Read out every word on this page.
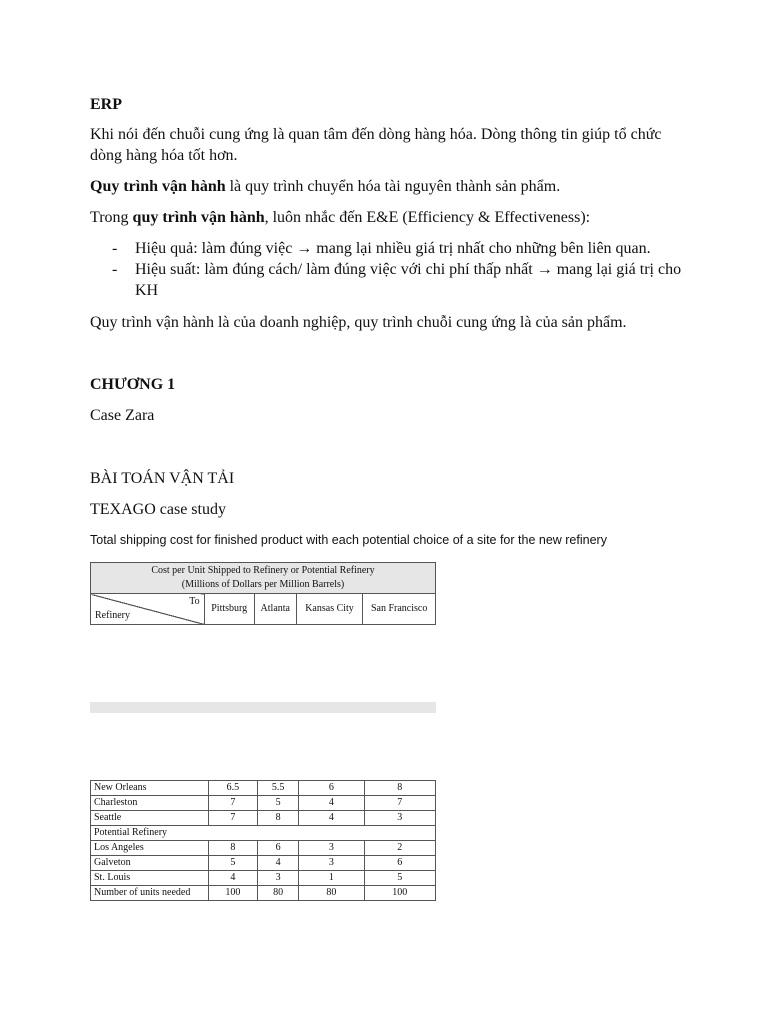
ERP

Khi nói đến chuỗi cung ứng là quan tâm đến dòng hàng hóa. Dòng thông tin giúp tổ chức dòng hàng hóa tốt hơn.

Quy trình vận hành là quy trình chuyển hóa tài nguyên thành sản phẩm.

Trong quy trình vận hành, luôn nhắc đến E&E (Efficiency & Effectiveness):

- Hiệu quả: làm đúng việc → mang lại nhiều giá trị nhất cho những bên liên quan.
- Hiệu suất: làm đúng cách/ làm đúng việc với chi phí thấp nhất → mang lại giá trị cho KH

Quy trình vận hành là của doanh nghiệp, quy trình chuỗi cung ứng là của sản phẩm.

CHƯƠNG 1

Case Zara

BÀI TOÁN VẬN TẢI

TEXAGO case study

Total shipping cost for finished product with each potential choice of a site for the new refinery

Cost per Unit Shipped to Refinery or Potential Refinery
(Millions of Dollars per Million Barrels)

To
Refinery
	Pittsburg	Atlanta	Kansas City	San Francisco
New Orleans	6.5	5.5	6	8
Charleston	7	5	4	7
Seattle	7	8	4	3
Potential Refinery				
Los Angeles	8	6	3	2
Galveton	5	4	3	6
St. Louis	4	3	1	5
Number of units needed	100	80	80	100
